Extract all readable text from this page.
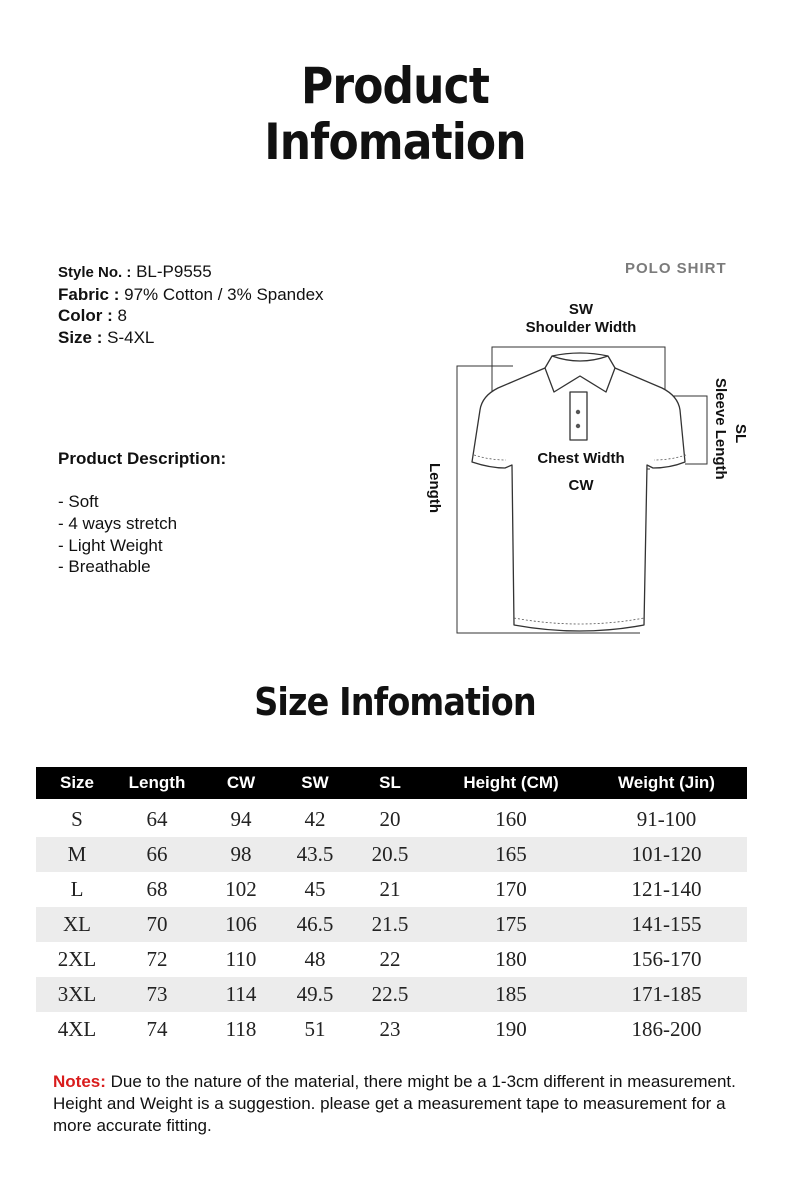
Product
Infomation
Style No. : BL-P9555
Fabric : 97% Cotton / 3% Spandex
Color : 8
Size : S-4XL
Product Description:
- Soft
- 4 ways stretch
- Light Weight
- Breathable
POLO SHIRT
SW
Shoulder Width
Chest Width
CW
Length
Sleeve Length SL
Size Infomation
Size	Length	CW	SW	SL	Height (CM)	Weight (Jin)

S	64	94	42	20	160	91-100
M	66	98	43.5	20.5	165	101-120
L	68	102	45	21	170	121-140
XL	70	106	46.5	21.5	175	141-155
2XL	72	110	48	22	180	156-170
3XL	73	114	49.5	22.5	185	171-185
4XL	74	118	51	23	190	186-200
Notes: Due to the nature of the material, there might be a 1-3cm different in measurement. Height and Weight is a suggestion. please get a measurement tape to measurement for a more accurate fitting.
